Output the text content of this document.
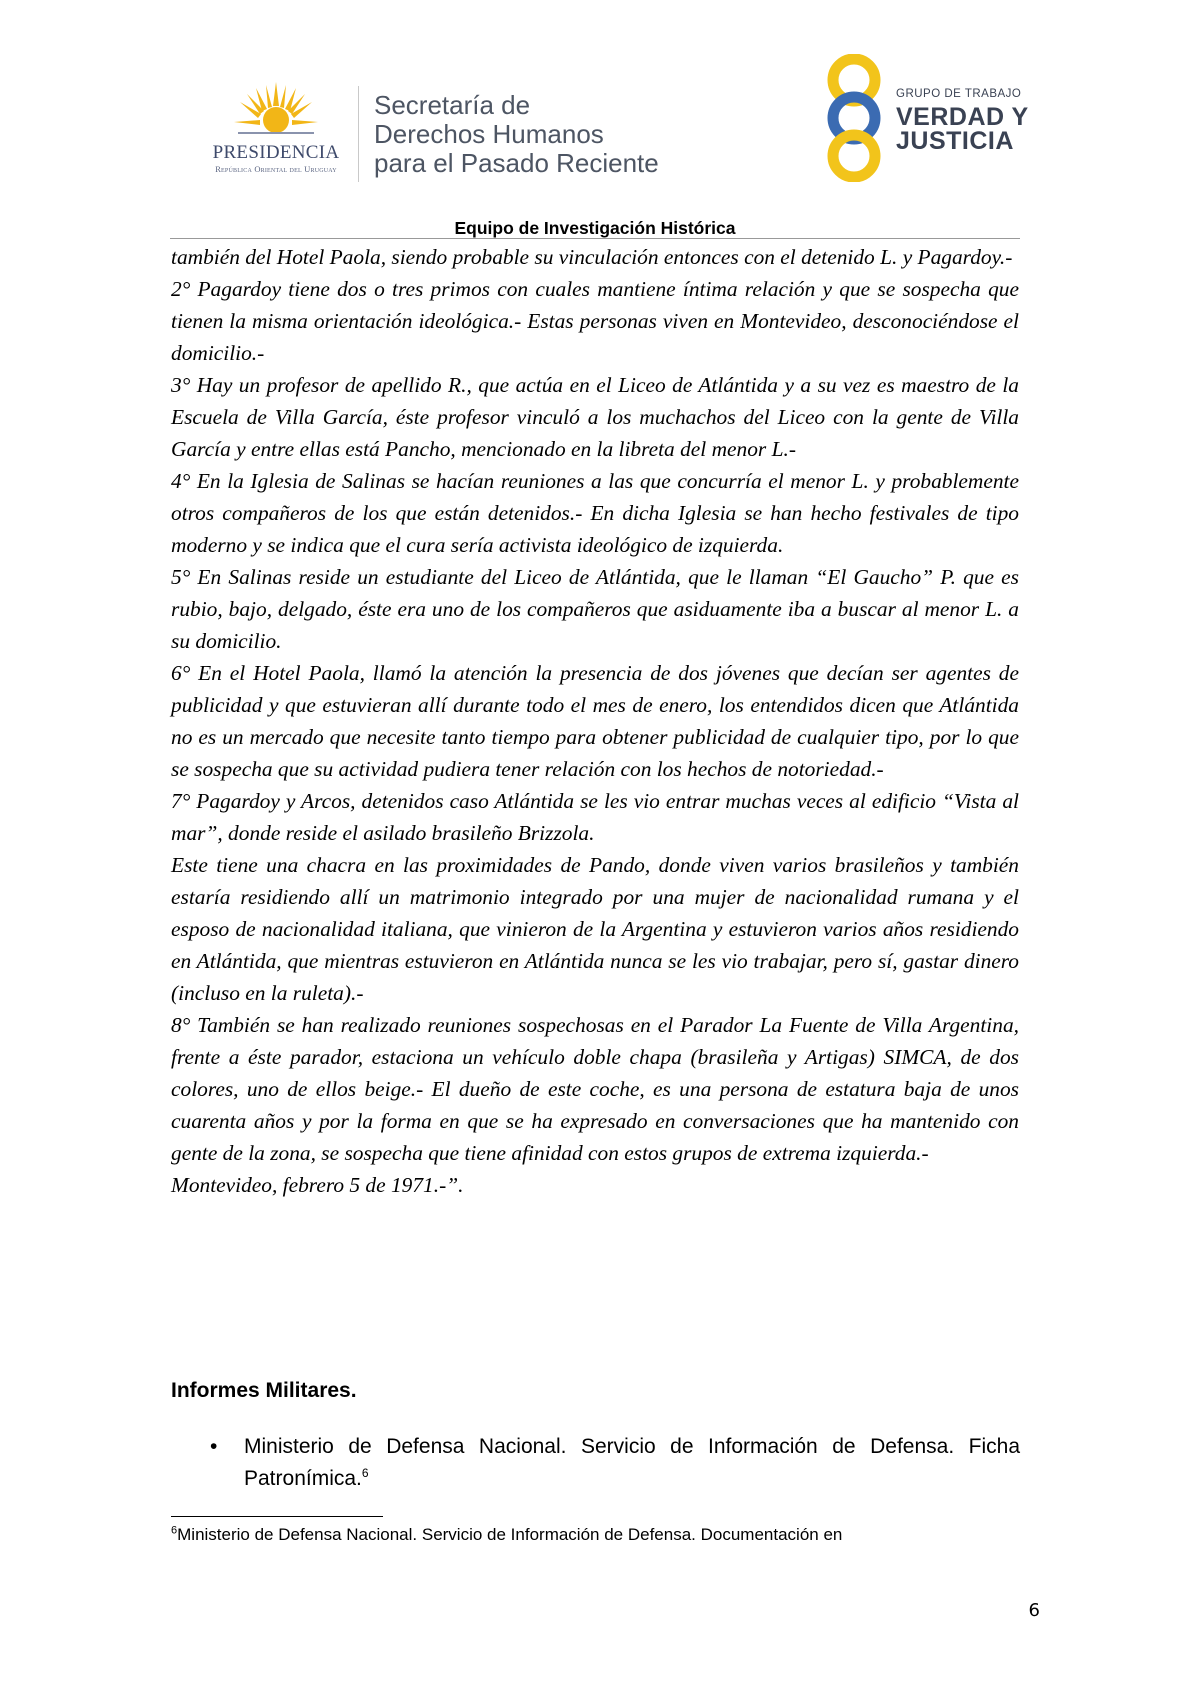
PRESIDENCIA
República Oriental del Uruguay
Secretaría de
Derechos Humanos
para el Pasado Reciente
GRUPO DE TRABAJO
VERDAD Y
JUSTICIA
Equipo de Investigación Histórica

también del Hotel Paola, siendo probable su vinculación entonces con el detenido L. y Pagardoy.-

2° Pagardoy tiene dos o tres primos con cuales mantiene íntima relación y que se sospecha que tienen la misma orientación ideológica.- Estas personas viven en Montevideo, desconociéndose el domicilio.-

3° Hay un profesor de apellido R., que actúa en el Liceo de Atlántida y a su vez es maestro de la Escuela de Villa García, éste profesor vinculó a los muchachos del Liceo con la gente de Villa García y entre ellas está Pancho, mencionado en la libreta del menor L.-

4° En la Iglesia de Salinas se hacían reuniones a las que concurría el menor L. y probablemente otros compañeros de los que están detenidos.- En dicha Iglesia se han hecho festivales de tipo moderno y se indica que el cura sería activista ideológico de izquierda.

5° En Salinas reside un estudiante del Liceo de Atlántida, que le llaman “El Gaucho” P. que es rubio, bajo, delgado, éste era uno de los compañeros que asiduamente iba a buscar al menor L. a su domicilio.

6° En el Hotel Paola, llamó la atención la presencia de dos jóvenes que decían ser agentes de publicidad y que estuvieran allí durante todo el mes de enero, los entendidos dicen que Atlántida no es un mercado que necesite tanto tiempo para obtener publicidad de cualquier tipo, por lo que se sospecha que su actividad pudiera tener relación con los hechos de notoriedad.-

7° Pagardoy y Arcos, detenidos caso Atlántida se les vio entrar muchas veces al edificio “Vista al mar”, donde reside el asilado brasileño Brizzola.

Este tiene una chacra en las proximidades de Pando, donde viven varios brasileños y también estaría residiendo allí un matrimonio integrado por una mujer de nacionalidad rumana y el esposo de nacionalidad italiana, que vinieron de la Argentina y estuvieron varios años residiendo en Atlántida, que mientras estuvieron en Atlántida nunca se les vio trabajar, pero sí, gastar dinero (incluso en la ruleta).-

8° También se han realizado reuniones sospechosas en el Parador La Fuente de Villa Argentina, frente a éste parador, estaciona un vehículo doble chapa (brasileña y Artigas) SIMCA, de dos colores, uno de ellos beige.- El dueño de este coche, es una persona de estatura baja de unos cuarenta años y por la forma en que se ha expresado en conversaciones que ha mantenido con gente de la zona, se sospecha que tiene afinidad con estos grupos de extrema izquierda.-

Montevideo, febrero 5 de 1971.-”.

Informes Militares.
•	Ministerio de Defensa Nacional. Servicio de Información de Defensa. Ficha Patronímica.$^6$
$^6$Ministerio de Defensa Nacional. Servicio de Información de Defensa. Documentación en
6
